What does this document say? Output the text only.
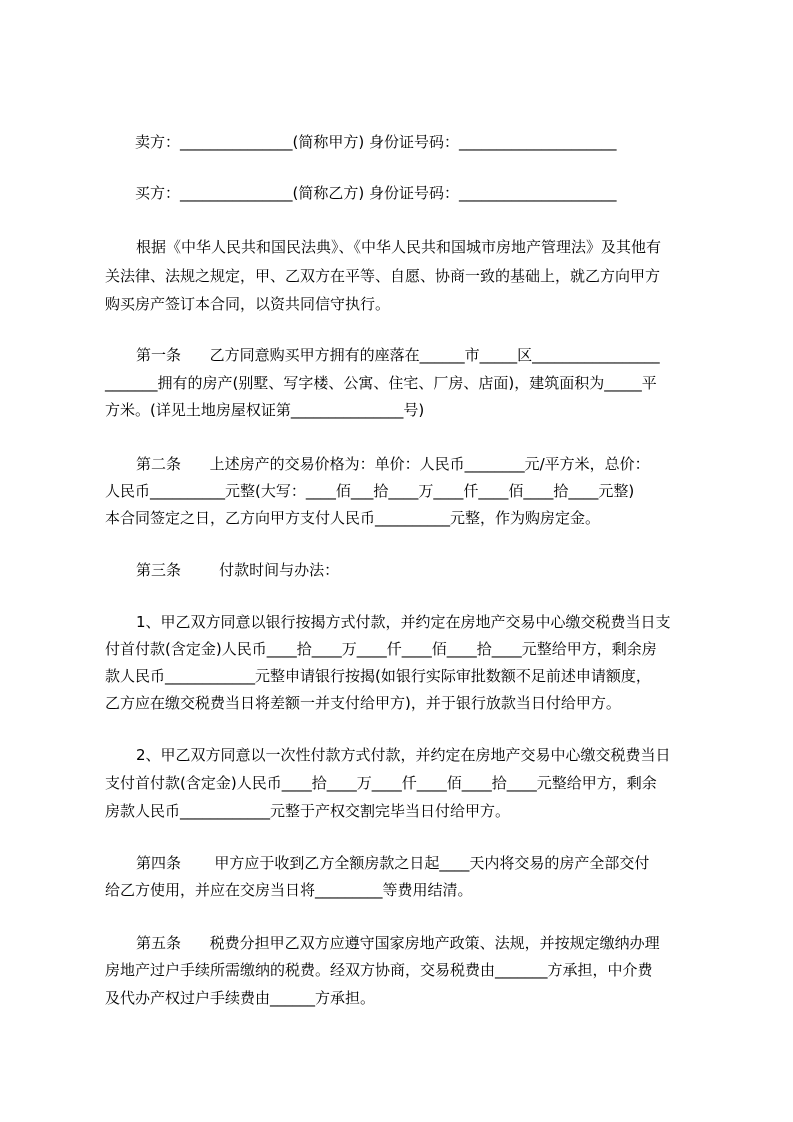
卖方：_______________(简称甲方) 身份证号码：_____________________
买方：_______________(简称乙方) 身份证号码：_____________________
根据《中华人民共和国民法典》、《中华人民共和国城市房地产管理法》及其他有
关法律、法规之规定，甲、乙双方在平等、自愿、协商一致的基础上，就乙方向甲方
购买房产签订本合同，以资共同信守执行。
第一条      乙方同意购买甲方拥有的座落在______市_____区_________________
_______拥有的房产(别墅、写字楼、公寓、住宅、厂房、店面)，建筑面积为_____平
方米。(详见土地房屋权证第_______________号)
第二条      上述房产的交易价格为：单价：人民币________元/平方米，总价：
人民币__________元整(大写：____佰___拾____万____仟____佰____拾____元整)
本合同签定之日，乙方向甲方支付人民币__________元整，作为购房定金。
第三条        付款时间与办法：
1、甲乙双方同意以银行按揭方式付款，并约定在房地产交易中心缴交税费当日支
付首付款(含定金)人民币____拾____万____仟____佰____拾____元整给甲方，剩余房
款人民币____________元整申请银行按揭(如银行实际审批数额不足前述申请额度，
乙方应在缴交税费当日将差额一并支付给甲方)，并于银行放款当日付给甲方。
2、甲乙双方同意以一次性付款方式付款，并约定在房地产交易中心缴交税费当日
支付首付款(含定金)人民币____拾____万____仟____佰____拾____元整给甲方，剩余
房款人民币____________元整于产权交割完毕当日付给甲方。
第四条       甲方应于收到乙方全额房款之日起____天内将交易的房产全部交付
给乙方使用，并应在交房当日将_________等费用结清。
第五条      税费分担甲乙双方应遵守国家房地产政策、法规，并按规定缴纳办理
房地产过户手续所需缴纳的税费。经双方协商，交易税费由_______方承担，中介费
及代办产权过户手续费由______方承担。
